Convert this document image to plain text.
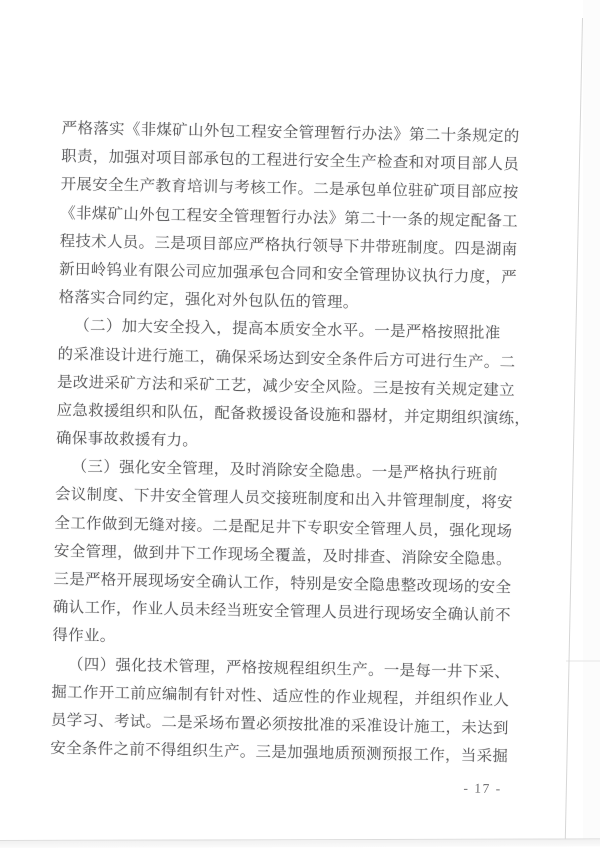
严格落实《非煤矿山外包工程安全管理暂行办法》第二十条规定的
职责，加强对项目部承包的工程进行安全生产检查和对项目部人员
开展安全生产教育培训与考核工作。二是承包单位驻矿项目部应按
《非煤矿山外包工程安全管理暂行办法》第二十一条的规定配备工
程技术人员。三是项目部应严格执行领导下井带班制度。四是湖南
新田岭钨业有限公司应加强承包合同和安全管理协议执行力度，严
格落实合同约定，强化对外包队伍的管理。
（二）加大安全投入，提高本质安全水平。一是严格按照批准
的采准设计进行施工，确保采场达到安全条件后方可进行生产。二
是改进采矿方法和采矿工艺，减少安全风险。三是按有关规定建立
应急救援组织和队伍，配备救援设备设施和器材，并定期组织演练，
确保事故救援有力。
（三）强化安全管理，及时消除安全隐患。一是严格执行班前
会议制度、下井安全管理人员交接班制度和出入井管理制度，将安
全工作做到无缝对接。二是配足井下专职安全管理人员，强化现场
安全管理，做到井下工作现场全覆盖，及时排查、消除安全隐患。
三是严格开展现场安全确认工作，特别是安全隐患整改现场的安全
确认工作，作业人员未经当班安全管理人员进行现场安全确认前不
得作业。
（四）强化技术管理，严格按规程组织生产。一是每一井下采、
掘工作开工前应编制有针对性、适应性的作业规程，并组织作业人
员学习、考试。二是采场布置必须按批准的采准设计施工，未达到
安全条件之前不得组织生产。三是加强地质预测预报工作，当采掘
- 17 -
